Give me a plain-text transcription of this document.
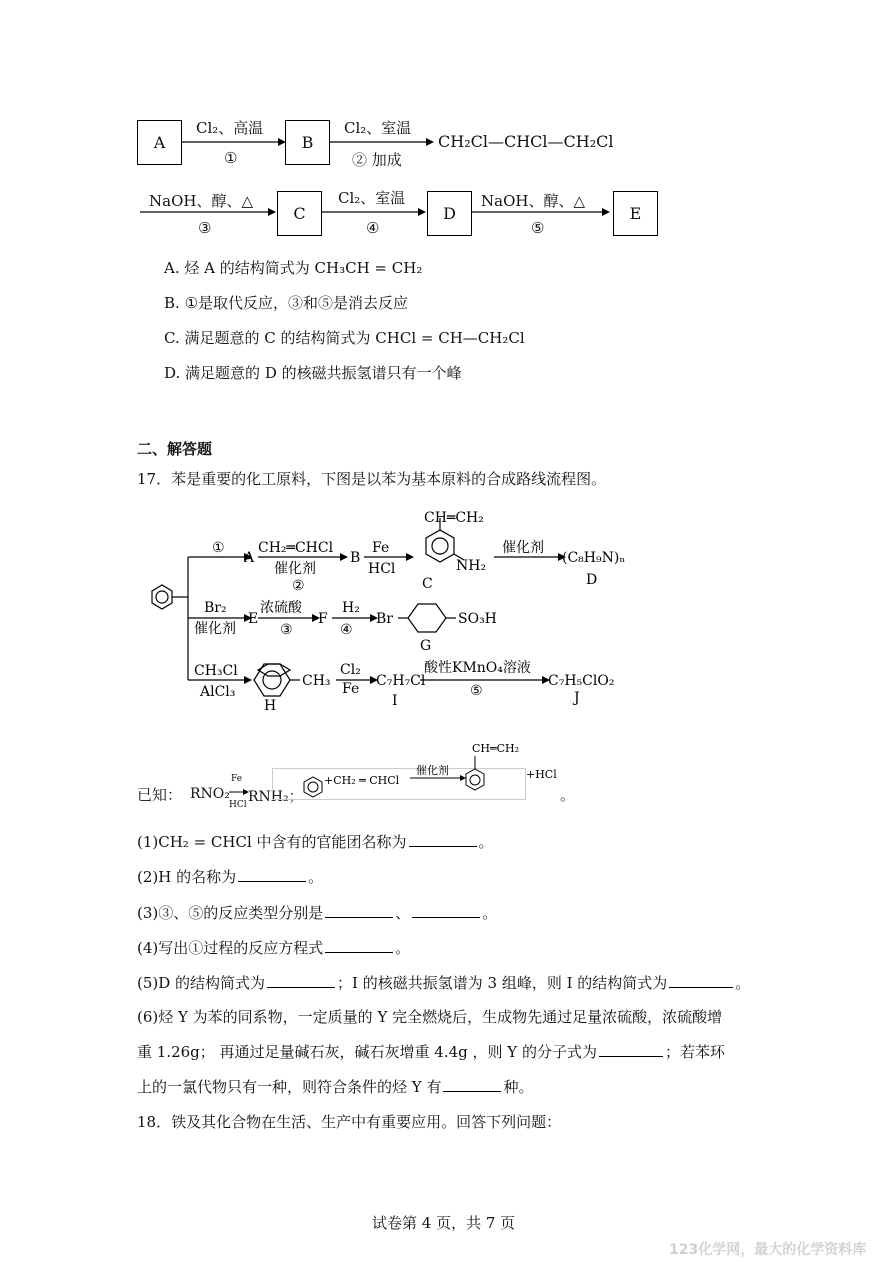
A
Cl₂、高温
①
B
Cl₂、室温
② 加成
CH₂Cl—CHCl—CH₂Cl
NaOH、醇、△
③
C
Cl₂、室温
④
D
NaOH、醇、△
⑤
E
A. 烃 A 的结构简式为 CH₃CH = CH₂
B. ①是取代反应，③和⑤是消去反应
C. 满足题意的 C 的结构简式为 CHCl = CH—CH₂Cl
D. 满足题意的 D 的核磁共振氢谱只有一个峰
二、解答题
17．苯是重要的化工原料，下图是以苯为基本原料的合成路线流程图。
①
A
CH₂═CHCl
催化剂
②
B
Fe
HCl
CH═CH₂
NH₂
C
催化剂
(C₈H₉N)ₙ
D
Br₂
催化剂
E
浓硫酸
③
F
H₂
④
Br	SO₃H
G
CH₃Cl
AlCl₃
CH₃
H
Cl₂
Fe C₇H₇Cl
I
酸性KMnO₄溶液
⑤
C₇H₅ClO₂
J
已知： RNO₂
Fe
HCl RNH₂；
CH═CH₂
+CH₂ ═ CHCl
催化剂	+HCl
。
(1)CH₂ = CHCl 中含有的官能团名称为	。
(2)H 的名称为	。
(3)③、⑤的反应类型分别是	、	。
(4)写出①过程的反应方程式	。
(5)D 的结构简式为	；I 的核磁共振氢谱为 3 组峰，则 I 的结构简式为	。
(6)烃 Y 为苯的同系物，一定质量的 Y 完全燃烧后，生成物先通过足量浓硫酸，浓硫酸增
重 1.26g； 再通过足量碱石灰，碱石灰增重 4.4g ，则 Y 的分子式为	；若苯环
上的一氯代物只有一种，则符合条件的烃 Y 有	种。
18．铁及其化合物在生活、生产中有重要应用。回答下列问题：
试卷第 4 页，共 7 页
123化学网，最大的化学资料库
